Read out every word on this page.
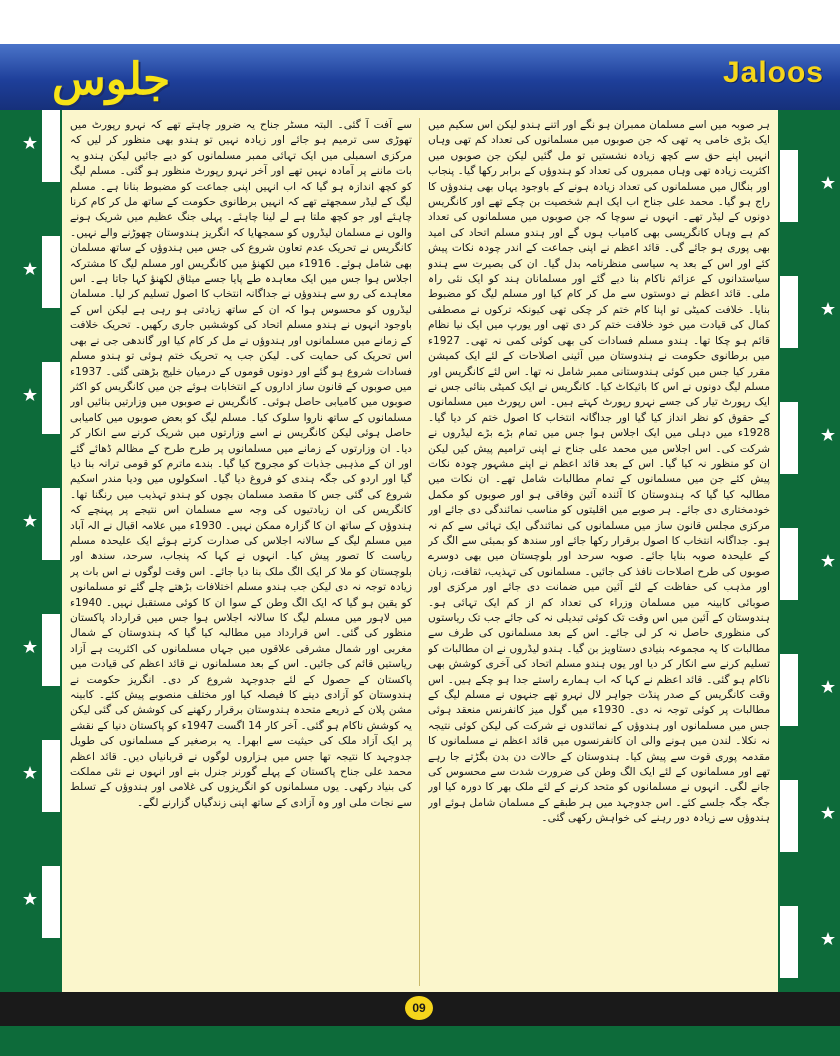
جلوس	Jaloos

ہر صوبہ میں اسے مسلمان ممبران ہو نگے اور اتنے ہندو لیکن اس سکیم میں ایک بڑی خامی یہ تھی کہ جن صوبوں میں مسلمانوں کی تعداد کم تھی وہاں انہیں اپنے حق سے کچھ زیادہ نشستیں تو مل گئیں لیکن جن صوبوں میں اکثریت زیادہ تھی وہاں ممبروں کی تعداد کو ہندوؤں کے برابر رکھا گیا۔ پنجاب اور بنگال میں مسلمانوں کی تعداد زیادہ ہونے کے باوجود یہاں بھی ہندوؤں کا راج ہو گیا۔ محمد علی جناح اب ایک اہم شخصیت بن چکے تھے اور کانگریس دونوں کے لیڈر تھے۔ انہوں نے سوچا کہ جن صوبوں میں مسلمانوں کی تعداد کم ہے وہاں کانگریسی بھی کامیاب ہوں گے اور ہندو مسلم اتحاد کی امید بھی پوری ہو جائے گی۔ قائد اعظم نے اپنی جماعت کے اندر چودہ نکات پیش کئے اور اس کے بعد یہ سیاسی منظرنامہ بدل گیا۔ ان کی بصیرت سے ہندو سیاستدانوں کے عزائم ناکام بنا دیے گئے اور مسلمانان ہند کو ایک نئی راہ ملی۔ قائد اعظم نے دوستوں سے مل کر کام کیا اور مسلم لیگ کو مضبوط بنایا۔ خلافت کمیٹی تو اپنا کام ختم کر چکی تھی کیونکہ ترکوں نے مصطفی کمال کی قیادت میں خود خلافت ختم کر دی تھی اور یورپ میں ایک نیا نظام قائم ہو چکا تھا۔ ہندو مسلم فسادات کی بھی کوئی کمی نہ تھی۔ 1927ء میں برطانوی حکومت نے ہندوستان میں آئینی اصلاحات کے لئے ایک کمیشن مقرر کیا جس میں کوئی ہندوستانی ممبر شامل نہ تھا۔ اس لئے کانگریس اور مسلم لیگ دونوں نے اس کا بائیکاٹ کیا۔ کانگریس نے ایک کمیٹی بنائی جس نے ایک رپورٹ تیار کی جسے نہرو رپورٹ کہتے ہیں۔ اس رپورٹ میں مسلمانوں کے حقوق کو نظر انداز کیا گیا اور جداگانہ انتخاب کا اصول ختم کر دیا گیا۔ 1928ء میں دہلی میں ایک اجلاس ہوا جس میں تمام بڑے بڑے لیڈروں نے شرکت کی۔ اس اجلاس میں محمد علی جناح نے اپنی ترامیم پیش کیں لیکن ان کو منظور نہ کیا گیا۔ اس کے بعد قائد اعظم نے اپنے مشہور چودہ نکات پیش کئے جن میں مسلمانوں کے تمام مطالبات شامل تھے۔ ان نکات میں مطالبہ کیا گیا کہ ہندوستان کا آئندہ آئین وفاقی ہو اور صوبوں کو مکمل خودمختاری دی جائے۔ ہر صوبے میں اقلیتوں کو مناسب نمائندگی دی جائے اور مرکزی مجلس قانون ساز میں مسلمانوں کی نمائندگی ایک تہائی سے کم نہ ہو۔ جداگانہ انتخاب کا اصول برقرار رکھا جائے اور سندھ کو بمبئی سے الگ کر کے علیحدہ صوبہ بنایا جائے۔ صوبہ سرحد اور بلوچستان میں بھی دوسرے صوبوں کی طرح اصلاحات نافذ کی جائیں۔ مسلمانوں کی تہذیب، ثقافت، زبان اور مذہب کی حفاظت کے لئے آئین میں ضمانت دی جائے اور مرکزی اور صوبائی کابینہ میں مسلمان وزراء کی تعداد کم از کم ایک تہائی ہو۔ ہندوستان کے آئین میں اس وقت تک کوئی تبدیلی نہ کی جائے جب تک ریاستوں کی منظوری حاصل نہ کر لی جائے۔ اس کے بعد مسلمانوں کی طرف سے مطالبات کا یہ مجموعہ بنیادی دستاویز بن گیا۔ ہندو لیڈروں نے ان مطالبات کو تسلیم کرنے سے انکار کر دیا اور یوں ہندو مسلم اتحاد کی آخری کوشش بھی ناکام ہو گئی۔ قائد اعظم نے کہا کہ اب ہمارے راستے جدا ہو چکے ہیں۔ اس وقت کانگریس کے صدر پنڈت جواہر لال نہرو تھے جنہوں نے مسلم لیگ کے مطالبات پر کوئی توجہ نہ دی۔ 1930ء میں گول میز کانفرنس منعقد ہوئی جس میں مسلمانوں اور ہندوؤں کے نمائندوں نے شرکت کی لیکن کوئی نتیجہ نہ نکلا۔ لندن میں ہونے والی ان کانفرنسوں میں قائد اعظم نے مسلمانوں کا مقدمہ پوری قوت سے پیش کیا۔ ہندوستان کے حالات دن بدن بگڑتے جا رہے تھے اور مسلمانوں کے لئے ایک الگ وطن کی ضرورت شدت سے محسوس کی جانے لگی۔ انہوں نے مسلمانوں کو متحد کرنے کے لئے ملک بھر کا دورہ کیا اور جگہ جگہ جلسے کئے۔ اس جدوجہد میں ہر طبقے کے مسلمان شامل ہوئے اور ہندوؤں سے زیادہ دور رہنے کی خواہش رکھی گئی۔

سے آفت آ گئی۔ البتہ مسٹر جناح یہ ضرور چاہتے تھے کہ نہرو رپورٹ میں تھوڑی سی ترمیم ہو جائے اور زیادہ نہیں تو ہندو بھی منظور کر لیں کہ مرکزی اسمبلی میں ایک تہائی ممبر مسلمانوں کو دیے جائیں لیکن ہندو یہ بات ماننے پر آمادہ نہیں تھے اور آخر نہرو رپورٹ منظور ہو گئی۔ مسلم لیگ کو کچھ اندازہ ہو گیا کہ اب انہیں اپنی جماعت کو مضبوط بنانا ہے۔ مسلم لیگ کے لیڈر سمجھتے تھے کہ انہیں برطانوی حکومت کے ساتھ مل کر کام کرنا چاہئے اور جو کچھ ملتا ہے لے لینا چاہئے۔ پہلی جنگ عظیم میں شریک ہونے والوں نے مسلمان لیڈروں کو سمجھایا کہ انگریز ہندوستان چھوڑنے والے نہیں۔ کانگریس نے تحریک عدم تعاون شروع کی جس میں ہندوؤں کے ساتھ مسلمان بھی شامل ہوئے۔ 1916ء میں لکھنؤ میں کانگریس اور مسلم لیگ کا مشترکہ اجلاس ہوا جس میں ایک معاہدہ طے پایا جسے میثاق لکھنؤ کہا جاتا ہے۔ اس معاہدے کی رو سے ہندوؤں نے جداگانہ انتخاب کا اصول تسلیم کر لیا۔ مسلمان لیڈروں کو محسوس ہوا کہ ان کے ساتھ زیادتی ہو رہی ہے لیکن اس کے باوجود انہوں نے ہندو مسلم اتحاد کی کوششیں جاری رکھیں۔ تحریک خلافت کے زمانے میں مسلمانوں اور ہندوؤں نے مل کر کام کیا اور گاندھی جی نے بھی اس تحریک کی حمایت کی۔ لیکن جب یہ تحریک ختم ہوئی تو ہندو مسلم فسادات شروع ہو گئے اور دونوں قوموں کے درمیان خلیج بڑھتی گئی۔ 1937ء میں صوبوں کے قانون ساز اداروں کے انتخابات ہوئے جن میں کانگریس کو اکثر صوبوں میں کامیابی حاصل ہوئی۔ کانگریس نے صوبوں میں وزارتیں بنائیں اور مسلمانوں کے ساتھ ناروا سلوک کیا۔ مسلم لیگ کو بعض صوبوں میں کامیابی حاصل ہوئی لیکن کانگریس نے اسے وزارتوں میں شریک کرنے سے انکار کر دیا۔ ان وزارتوں کے زمانے میں مسلمانوں پر طرح طرح کے مظالم ڈھائے گئے اور ان کے مذہبی جذبات کو مجروح کیا گیا۔ بندے ماترم کو قومی ترانہ بنا دیا گیا اور اردو کی جگہ ہندی کو فروغ دیا گیا۔ اسکولوں میں ودیا مندر اسکیم شروع کی گئی جس کا مقصد مسلمان بچوں کو ہندو تہذیب میں رنگنا تھا۔ کانگریس کی ان زیادتیوں کی وجہ سے مسلمان اس نتیجے پر پہنچے کہ ہندوؤں کے ساتھ ان کا گزارہ ممکن نہیں۔ 1930ء میں علامہ اقبال نے الہ آباد میں مسلم لیگ کے سالانہ اجلاس کی صدارت کرتے ہوئے ایک علیحدہ مسلم ریاست کا تصور پیش کیا۔ انہوں نے کہا کہ پنجاب، سرحد، سندھ اور بلوچستان کو ملا کر ایک الگ ملک بنا دیا جائے۔ اس وقت لوگوں نے اس بات پر زیادہ توجہ نہ دی لیکن جب ہندو مسلم اختلافات بڑھتے چلے گئے تو مسلمانوں کو یقین ہو گیا کہ ایک الگ وطن کے سوا ان کا کوئی مستقبل نہیں۔ 1940ء میں لاہور میں مسلم لیگ کا سالانہ اجلاس ہوا جس میں قرارداد پاکستان منظور کی گئی۔ اس قرارداد میں مطالبہ کیا گیا کہ ہندوستان کے شمال مغربی اور شمال مشرقی علاقوں میں جہاں مسلمانوں کی اکثریت ہے آزاد ریاستیں قائم کی جائیں۔ اس کے بعد مسلمانوں نے قائد اعظم کی قیادت میں پاکستان کے حصول کے لئے جدوجہد شروع کر دی۔ انگریز حکومت نے ہندوستان کو آزادی دینے کا فیصلہ کیا اور مختلف منصوبے پیش کئے۔ کابینہ مشن پلان کے ذریعے متحدہ ہندوستان برقرار رکھنے کی کوشش کی گئی لیکن یہ کوشش ناکام ہو گئی۔ آخر کار 14 اگست 1947ء کو پاکستان دنیا کے نقشے پر ایک آزاد ملک کی حیثیت سے ابھرا۔ یہ برصغیر کے مسلمانوں کی طویل جدوجہد کا نتیجہ تھا جس میں ہزاروں لوگوں نے قربانیاں دیں۔ قائد اعظم محمد علی جناح پاکستان کے پہلے گورنر جنرل بنے اور انہوں نے نئی مملکت کی بنیاد رکھی۔ یوں مسلمانوں کو انگریزوں کی غلامی اور ہندوؤں کے تسلط سے نجات ملی اور وہ آزادی کے ساتھ اپنی زندگیاں گزارنے لگے۔

09
